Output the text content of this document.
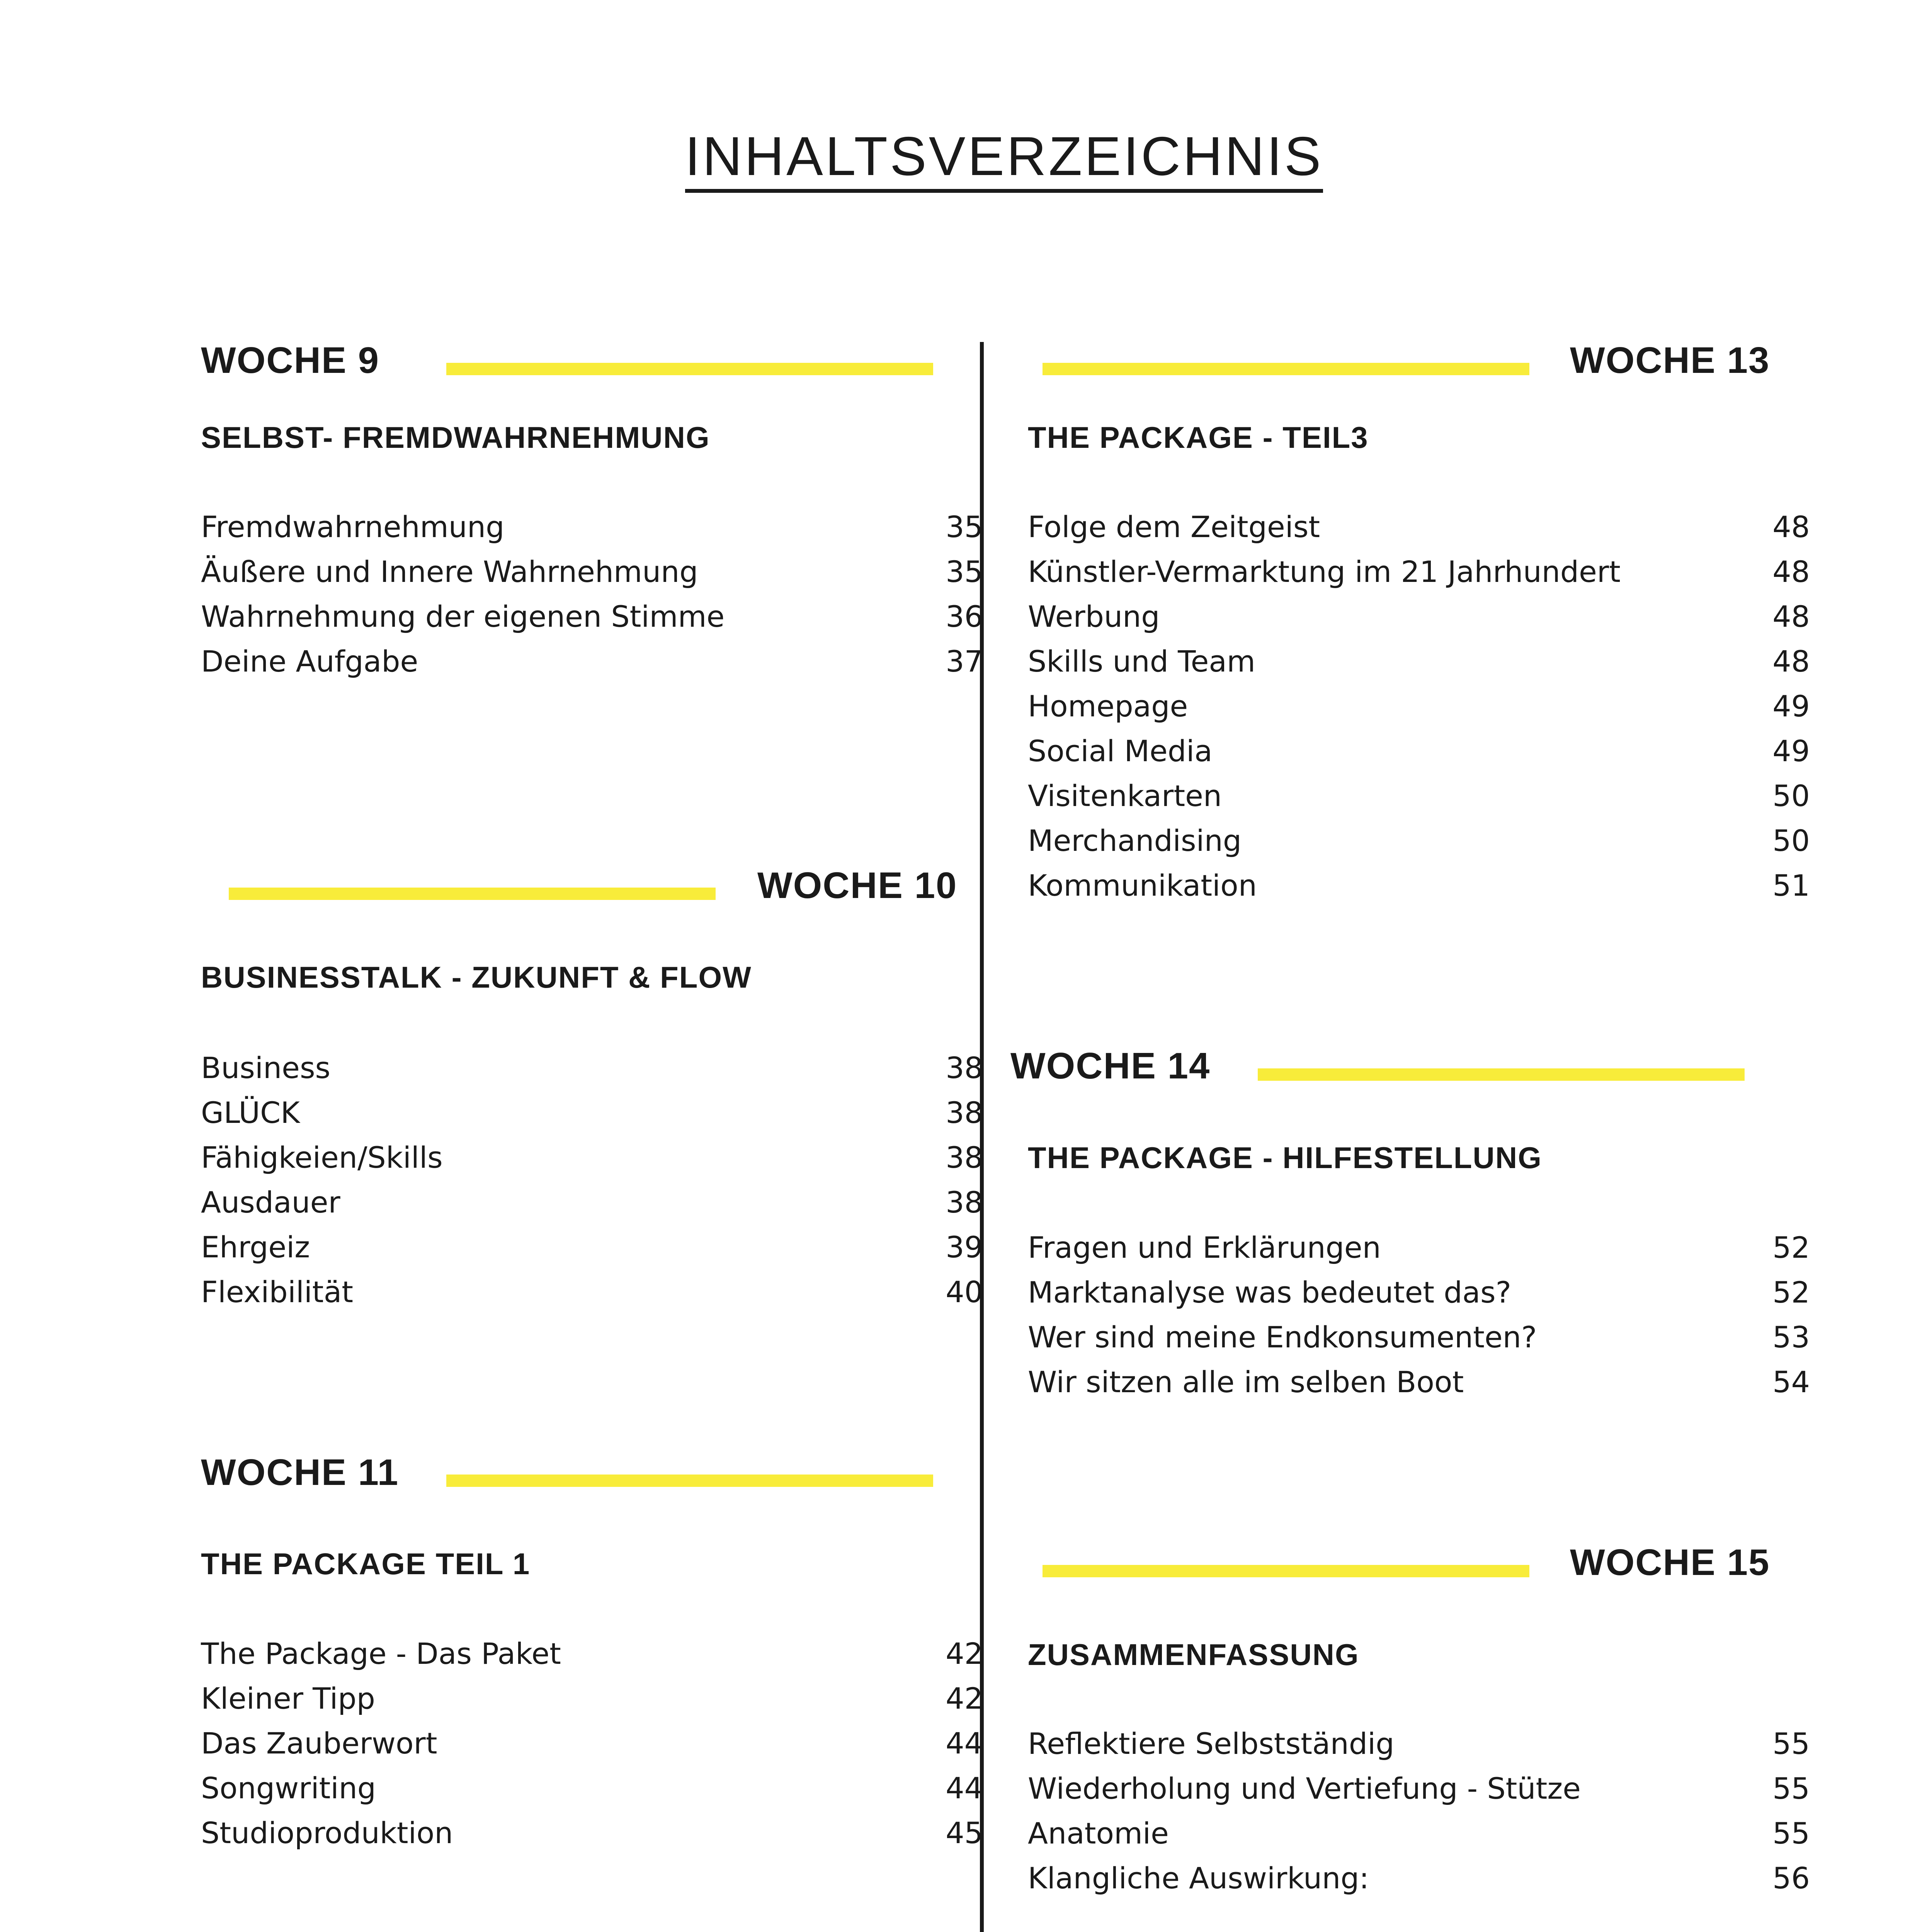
INHALTSVERZEICHNIS
WOCHE 9
SELBST- FREMDWAHRNEHMUNG
Fremdwahrnehmung	35
Äußere und Innere Wahrnehmung	35
Wahrnehmung der eigenen Stimme	36
Deine Aufgabe	37
WOCHE 10
BUSINESSTALK - ZUKUNFT & FLOW
Business	38
GLÜCK	38
Fähigkeien/Skills	38
Ausdauer	38
Ehrgeiz	39
Flexibilität	40
WOCHE 11
THE PACKAGE TEIL 1
The Package - Das Paket	42
Kleiner Tipp	42
Das Zauberwort	44
Songwriting	44
Studioproduktion	45
WOCHE 13
THE PACKAGE - TEIL3
Folge dem Zeitgeist	48
Künstler-Vermarktung im 21 Jahrhundert	48
Werbung	48
Skills und Team	48
Homepage	49
Social Media	49
Visitenkarten	50
Merchandising	50
Kommunikation	51
WOCHE 14
THE PACKAGE - HILFESTELLUNG
Fragen und Erklärungen	52
Marktanalyse was bedeutet das?	52
Wer sind meine Endkonsumenten?	53
Wir sitzen alle im selben Boot	54
WOCHE 15
ZUSAMMENFASSUNG
Reflektiere Selbstständig	55
Wiederholung und Vertiefung - Stütze	55
Anatomie	55
Klangliche Auswirkung:	56
